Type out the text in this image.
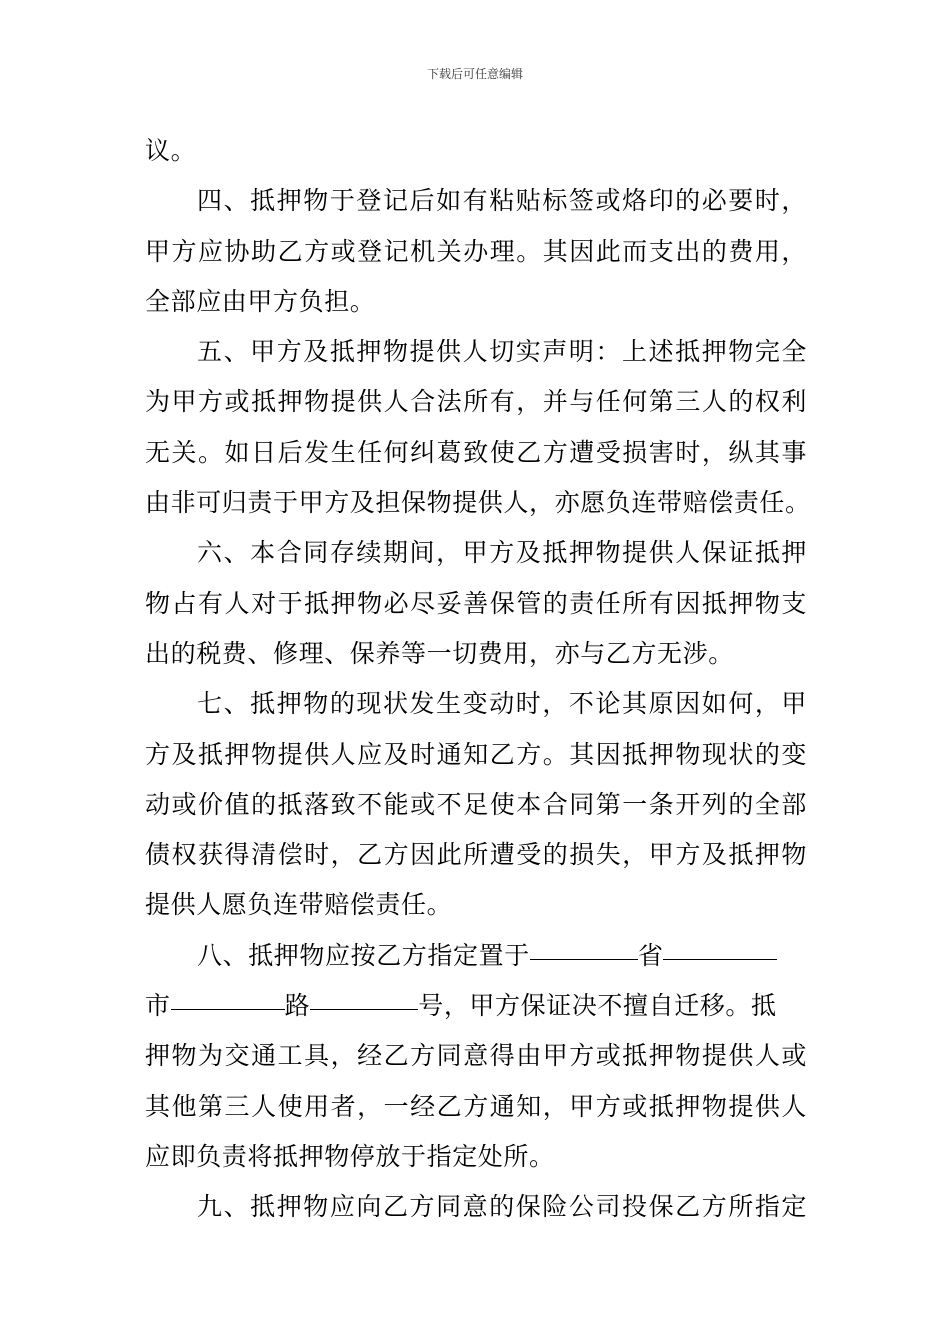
下载后可任意编辑
议。
四、抵押物于登记后如有粘贴标签或烙印的必要时，
甲方应协助乙方或登记机关办理。其因此而支出的费用，
全部应由甲方负担。
五、甲方及抵押物提供人切实声明：上述抵押物完全
为甲方或抵押物提供人合法所有，并与任何第三人的权利
无关。如日后发生任何纠葛致使乙方遭受损害时，纵其事
由非可归责于甲方及担保物提供人，亦愿负连带赔偿责任。
六、本合同存续期间，甲方及抵押物提供人保证抵押
物占有人对于抵押物必尽妥善保管的责任所有因抵押物支
出的税费、修理、保养等一切费用，亦与乙方无涉。
七、抵押物的现状发生变动时，不论其原因如何，甲
方及抵押物提供人应及时通知乙方。其因抵押物现状的变
动或价值的抵落致不能或不足使本合同第一条开列的全部
债权获得清偿时，乙方因此所遭受的损失，甲方及抵押物
提供人愿负连带赔偿责任。
八、抵押物应按乙方指定置于	省
市	路	号，甲方保证决不擅自迁移。抵
押物为交通工具，经乙方同意得由甲方或抵押物提供人或
其他第三人使用者，一经乙方通知，甲方或抵押物提供人
应即负责将抵押物停放于指定处所。
九、抵押物应向乙方同意的保险公司投保乙方所指定
